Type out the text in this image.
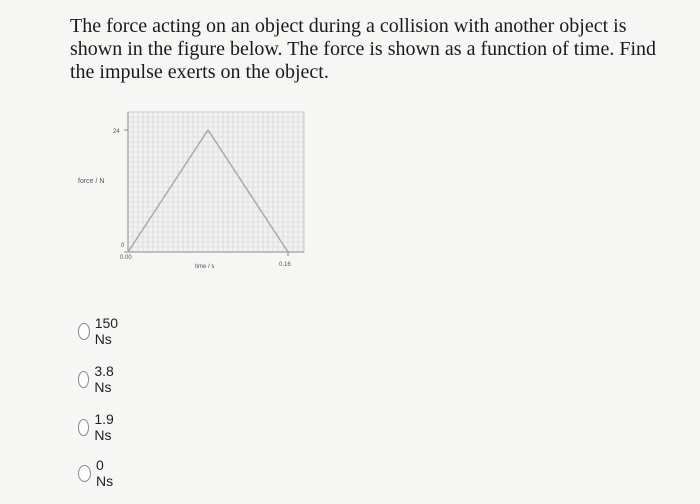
The force acting on an object during a collision with another object is shown in the figure below. The force is shown as a function of time. Find the impulse exerts on the object.

force / N
time / s
24
0
0.00
0.16
150 Ns
3.8 Ns
1.9 Ns
0 Ns
